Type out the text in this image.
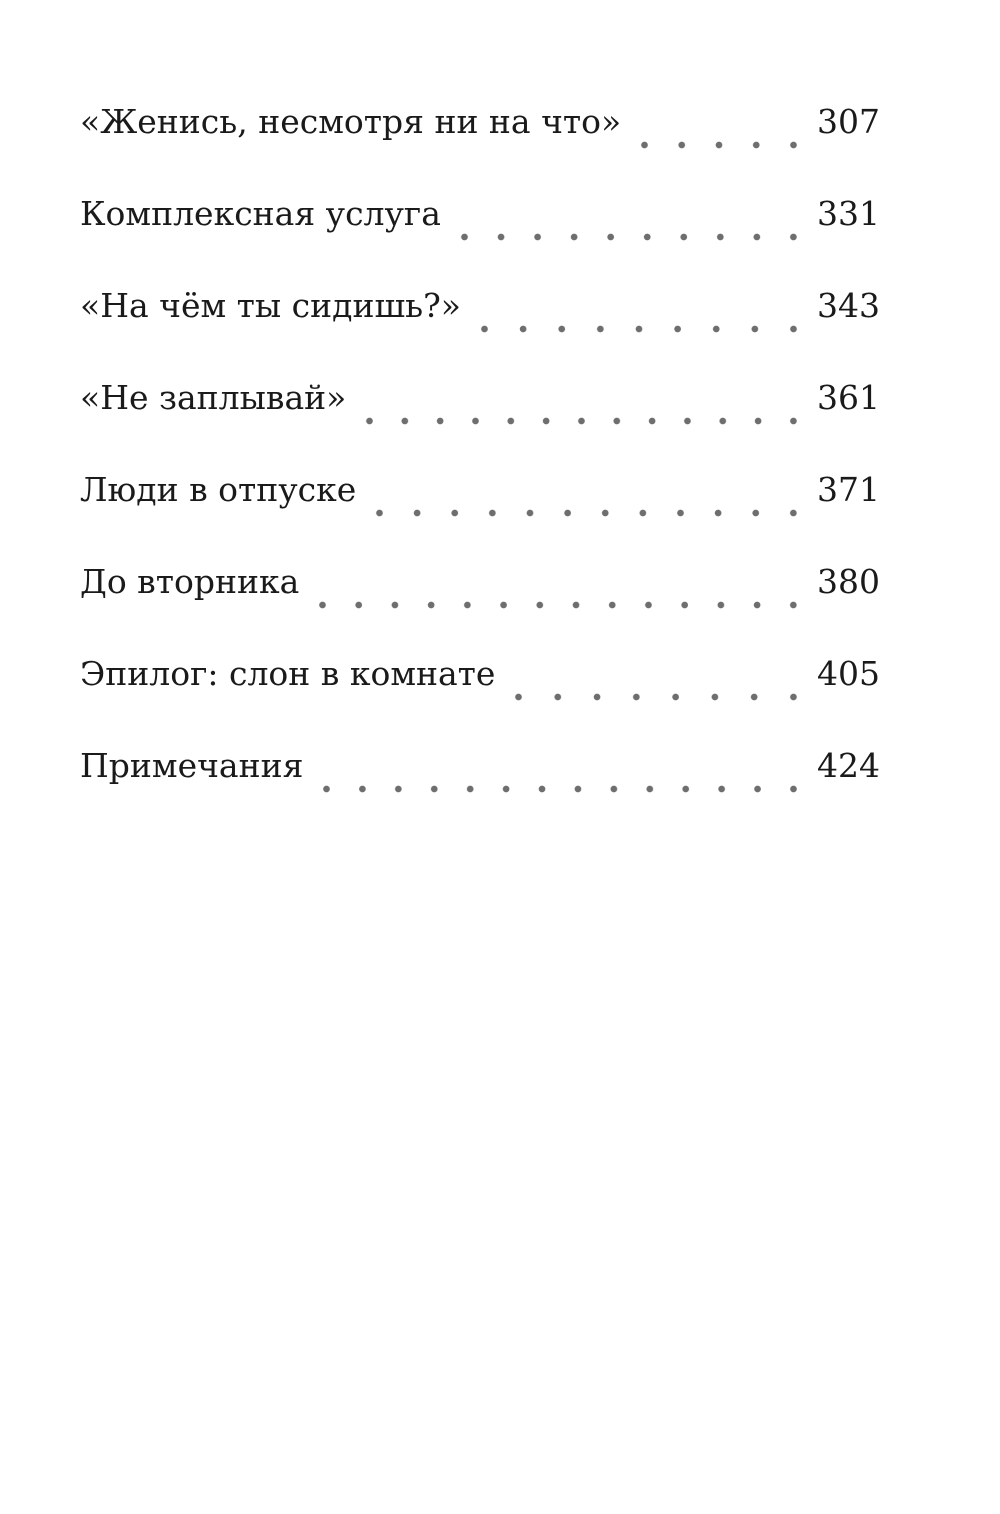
«Женись, несмотря ни на что»	307
Комплексная услуга	331
«На чём ты сидишь?»	343
«Не заплывай»	361
Люди в отпуске	371
До вторника	380
Эпилог: слон в комнате	405
Примечания	424
